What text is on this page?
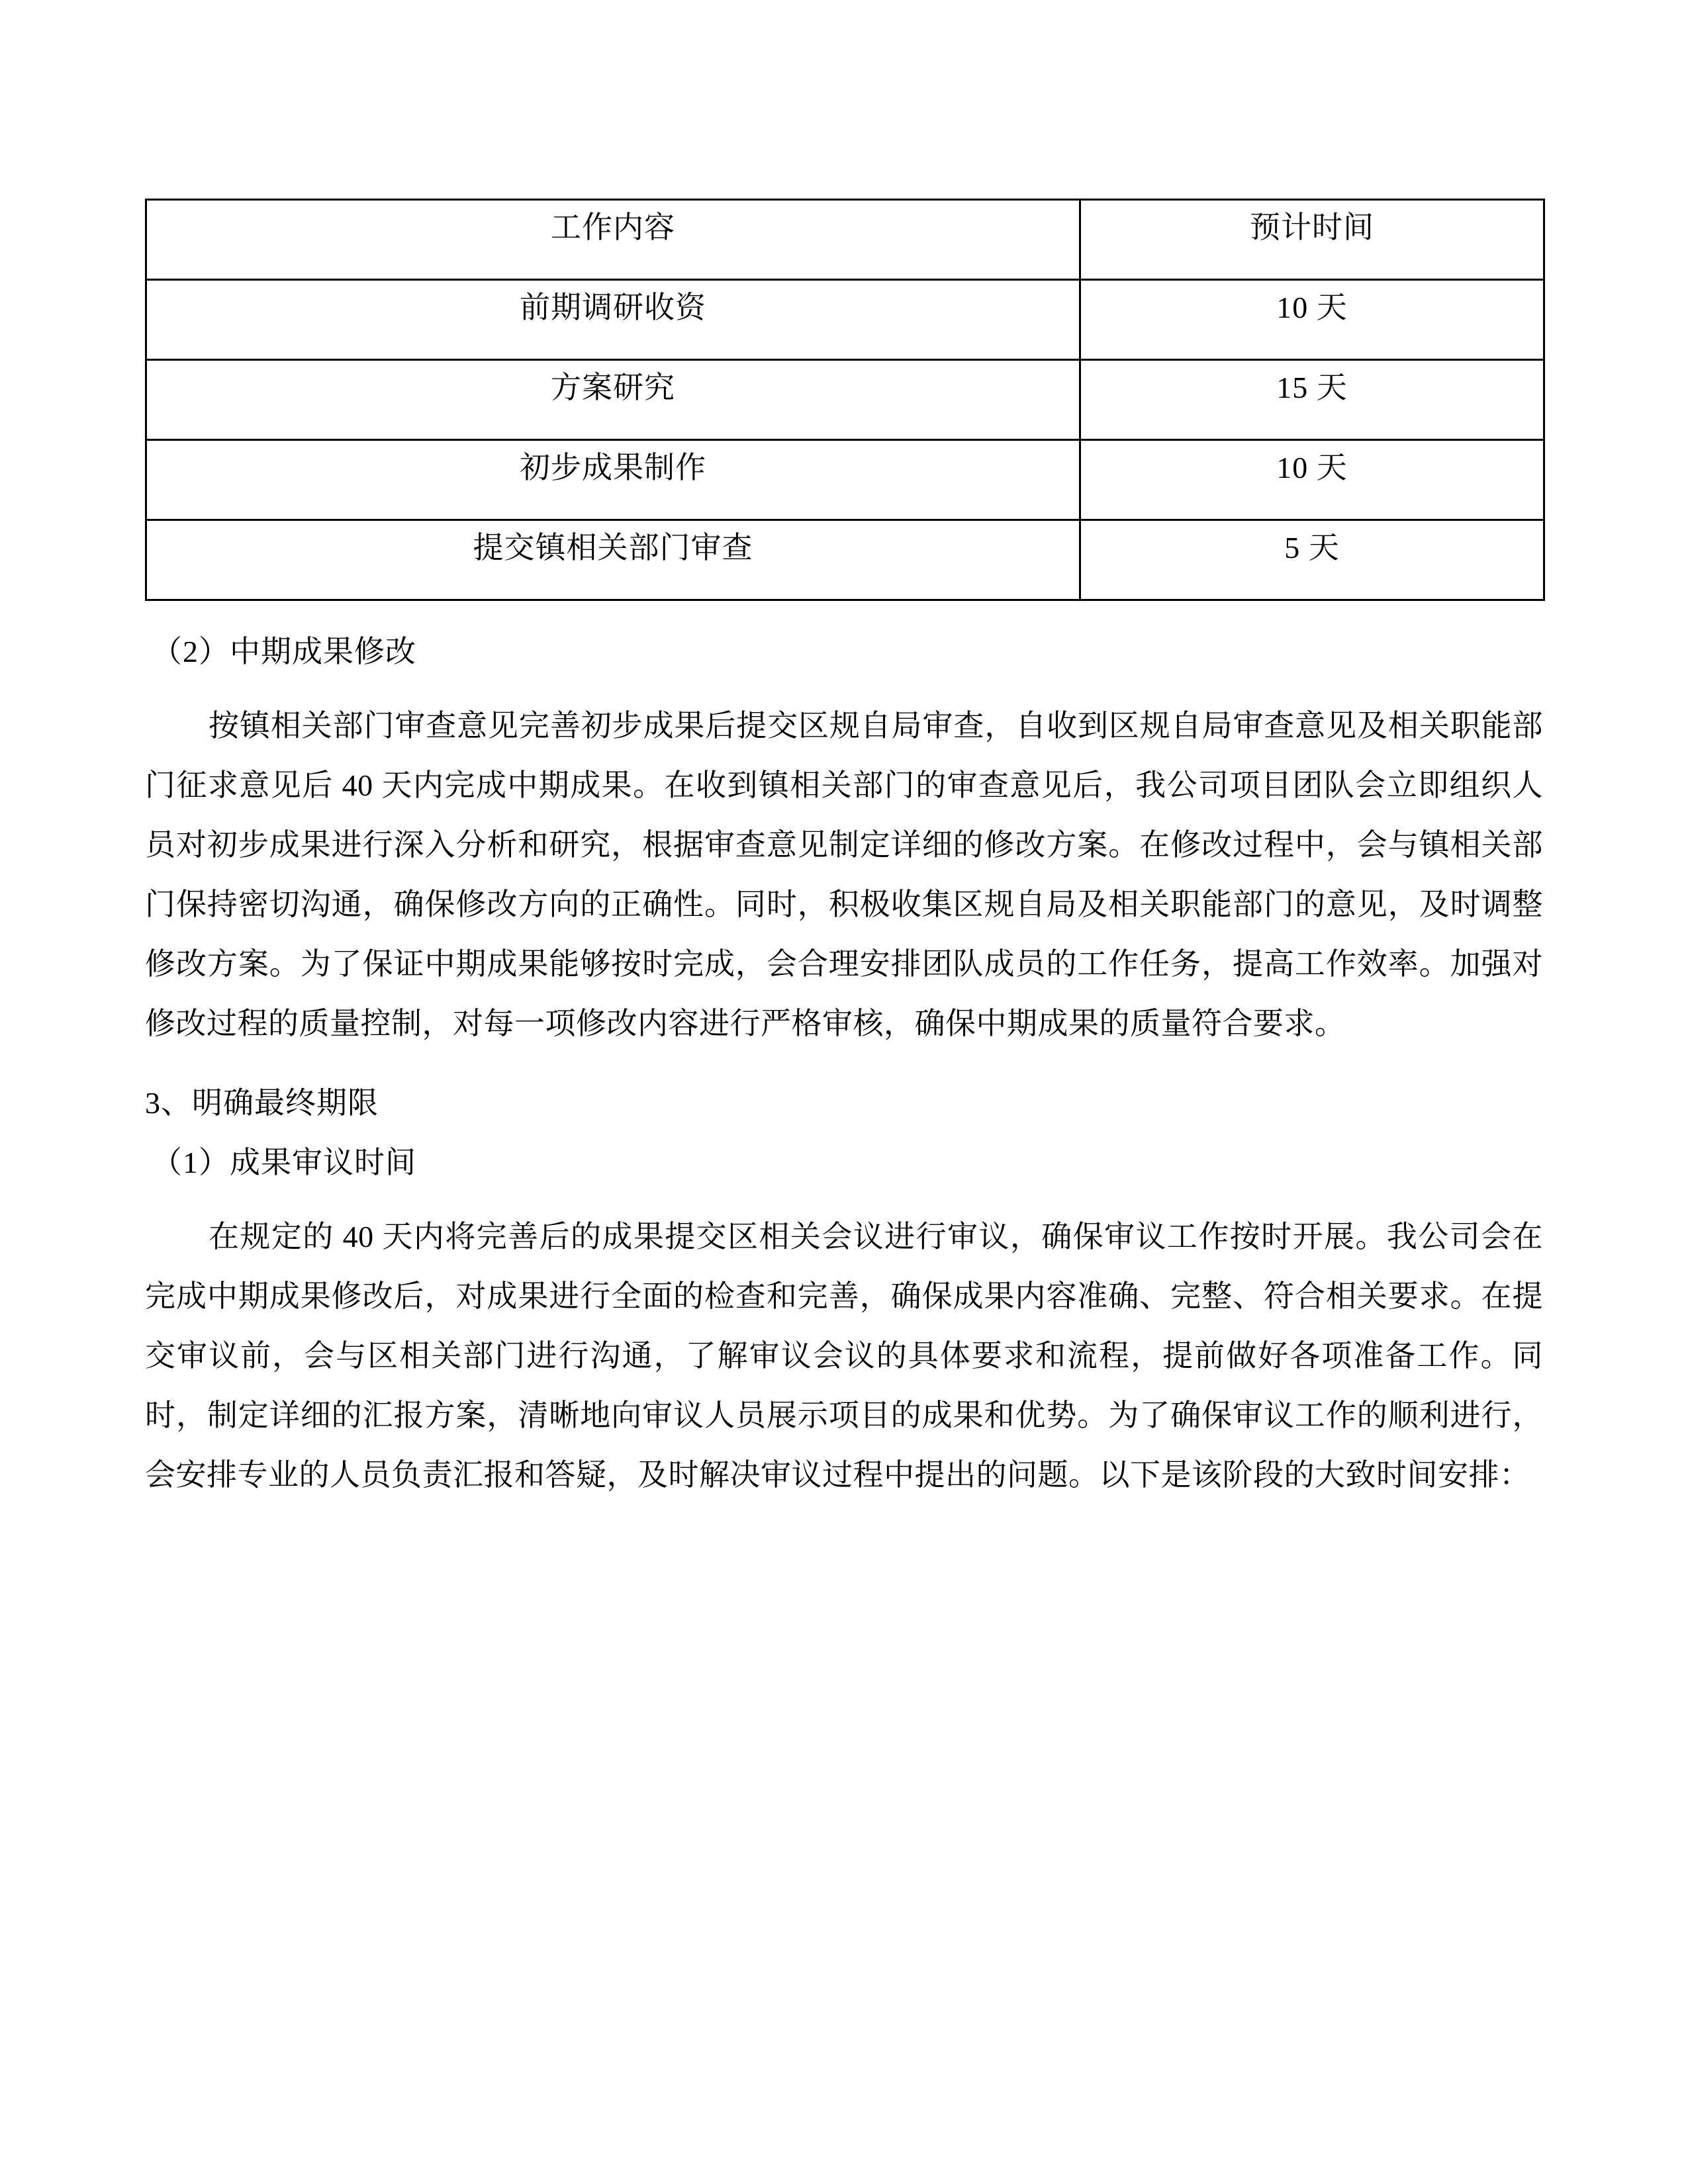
工作内容	预计时间

前期调研收资	10 天

方案研究	15 天

初步成果制作	10 天

提交镇相关部门审查	5 天
（2）中期成果修改

按镇相关部门审查意见完善初步成果后提交区规自局审查，自收到区规自局审查意见及相关职能部门征求意见后 40 天内完成中期成果。在收到镇相关部门的审查意见后，我公司项目团队会立即组织人员对初步成果进行深入分析和研究，根据审查意见制定详细的修改方案。在修改过程中，会与镇相关部门保持密切沟通，确保修改方向的正确性。同时，积极收集区规自局及相关职能部门的意见，及时调整修改方案。为了保证中期成果能够按时完成，会合理安排团队成员的工作任务，提高工作效率。加强对修改过程的质量控制，对每一项修改内容进行严格审核，确保中期成果的质量符合要求。

3、明确最终期限
（1）成果审议时间

在规定的 40 天内将完善后的成果提交区相关会议进行审议，确保审议工作按时开展。我公司会在完成中期成果修改后，对成果进行全面的检查和完善，确保成果内容准确、完整、符合相关要求。在提交审议前，会与区相关部门进行沟通，了解审议会议的具体要求和流程，提前做好各项准备工作。同时，制定详细的汇报方案，清晰地向审议人员展示项目的成果和优势。为了确保审议工作的顺利进行，会安排专业的人员负责汇报和答疑，及时解决审议过程中提出的问题。以下是该阶段的大致时间安排：
